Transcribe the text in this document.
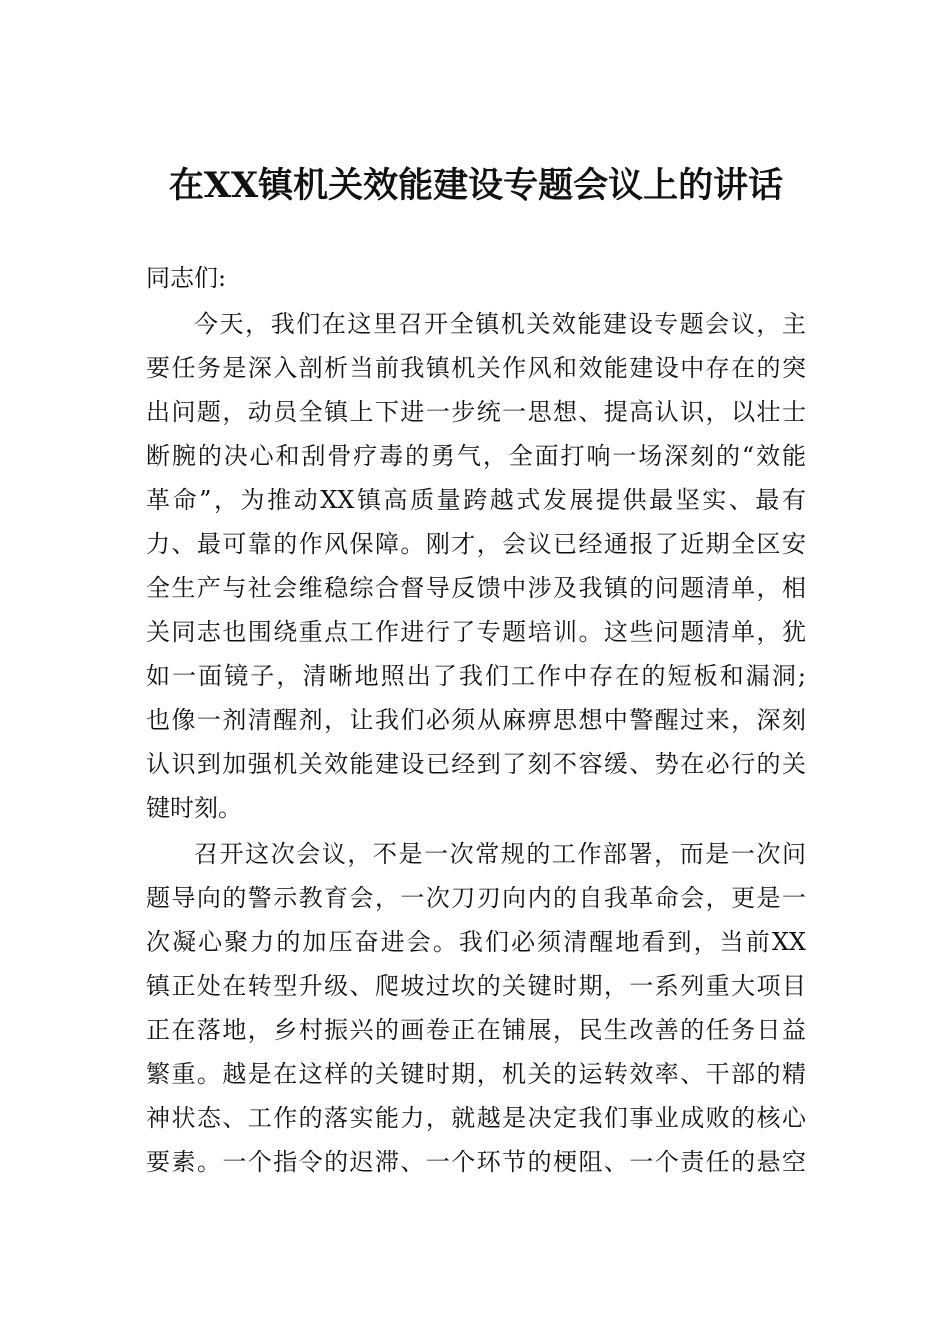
在XX镇机关效能建设专题会议上的讲话

同志们:

今天，我们在这里召开全镇机关效能建设专题会议，主
要任务是深入剖析当前我镇机关作风和效能建设中存在的突
出问题，动员全镇上下进一步统一思想、提高认识，以壮士
断腕的决心和刮骨疗毒的勇气，全面打响一场深刻的“效能
革命”，为推动XX镇高质量跨越式发展提供最坚实、最有
力、最可靠的作风保障。刚才，会议已经通报了近期全区安
全生产与社会维稳综合督导反馈中涉及我镇的问题清单，相
关同志也围绕重点工作进行了专题培训。这些问题清单，犹
如一面镜子，清晰地照出了我们工作中存在的短板和漏洞;
也像一剂清醒剂，让我们必须从麻痹思想中警醒过来，深刻
认识到加强机关效能建设已经到了刻不容缓、势在必行的关
键时刻。

召开这次会议，不是一次常规的工作部署，而是一次问
题导向的警示教育会，一次刀刃向内的自我革命会，更是一
次凝心聚力的加压奋进会。我们必须清醒地看到，当前XX
镇正处在转型升级、爬坡过坎的关键时期，一系列重大项目
正在落地，乡村振兴的画卷正在铺展，民生改善的任务日益
繁重。越是在这样的关键时期，机关的运转效率、干部的精
神状态、工作的落实能力，就越是决定我们事业成败的核心
要素。一个指令的迟滞、一个环节的梗阻、一个责任的悬空
